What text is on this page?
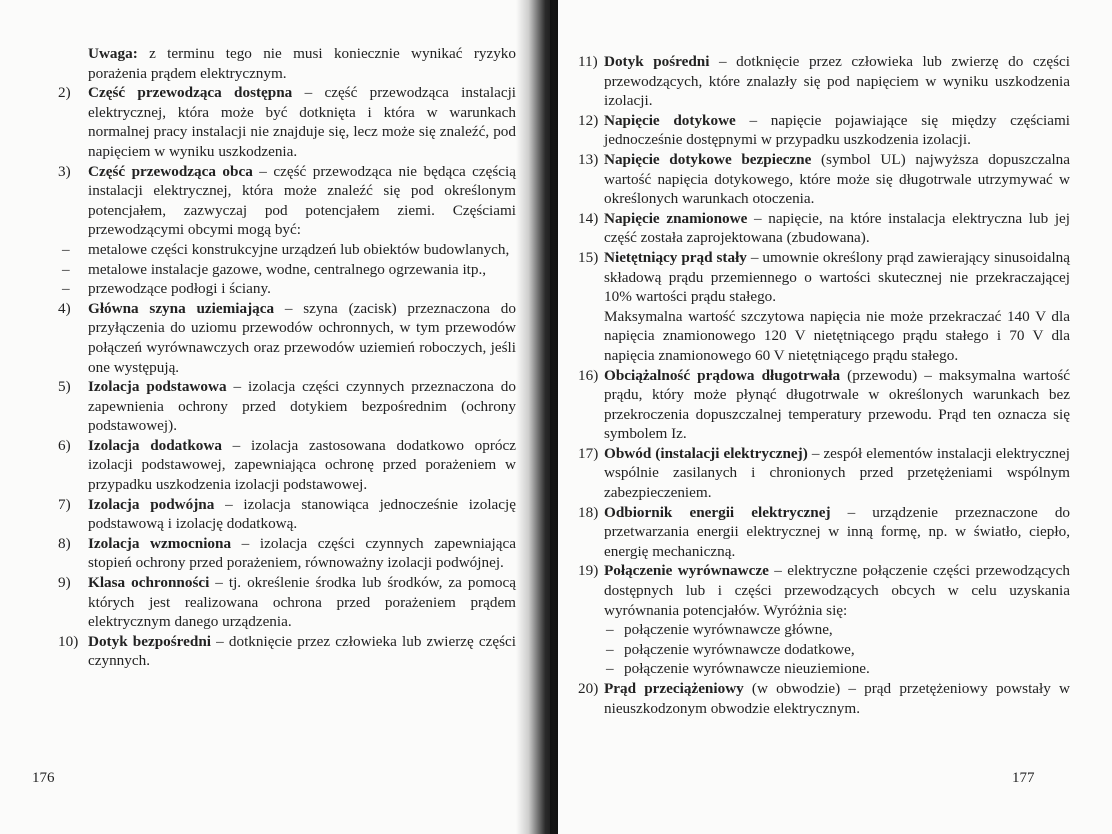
Uwaga: z terminu tego nie musi koniecznie wynikać ryzyko porażenia prądem elektrycznym.
2) Część przewodząca dostępna – część przewodząca instalacji elektrycznej, która może być dotknięta i która w warunkach normalnej pracy instalacji nie znajduje się, lecz może się znaleźć, pod napięciem w wyniku uszkodzenia.
3) Część przewodząca obca – część przewodząca nie będąca częścią instalacji elektrycznej, która może znaleźć się pod określonym potencjałem, zazwyczaj pod potencjałem ziemi. Częściami przewodzącymi obcymi mogą być:
– metalowe części konstrukcyjne urządzeń lub obiektów budowlanych,
– metalowe instalacje gazowe, wodne, centralnego ogrzewania itp.,
– przewodzące podłogi i ściany.
4) Główna szyna uziemiająca – szyna (zacisk) przeznaczona do przyłączenia do uziomu przewodów ochronnych, w tym przewodów połączeń wyrównawczych oraz przewodów uziemień roboczych, jeśli one występują.
5) Izolacja podstawowa – izolacja części czynnych przeznaczona do zapewnienia ochrony przed dotykiem bezpośrednim (ochrony podstawowej).
6) Izolacja dodatkowa – izolacja zastosowana dodatkowo oprócz izolacji podstawowej, zapewniająca ochronę przed porażeniem w przypadku uszkodzenia izolacji podstawowej.
7) Izolacja podwójna – izolacja stanowiąca jednocześnie izolację podstawową i izolację dodatkową.
8) Izolacja wzmocniona – izolacja części czynnych zapewniająca stopień ochrony przed porażeniem, równoważny izolacji podwójnej.
9) Klasa ochronności – tj. określenie środka lub środków, za pomocą których jest realizowana ochrona przed porażeniem prądem elektrycznym danego urządzenia.
10) Dotyk bezpośredni – dotknięcie przez człowieka lub zwierzę części czynnych.
176
11) Dotyk pośredni – dotknięcie przez człowieka lub zwierzę do części przewodzących, które znalazły się pod napięciem w wyniku uszkodzenia izolacji.
12) Napięcie dotykowe – napięcie pojawiające się między częściami jednocześnie dostępnymi w przypadku uszkodzenia izolacji.
13) Napięcie dotykowe bezpieczne (symbol UL) najwyższa dopuszczalna wartość napięcia dotykowego, które może się długotrwale utrzymywać w określonych warunkach otoczenia.
14) Napięcie znamionowe – napięcie, na które instalacja elektryczna lub jej część została zaprojektowana (zbudowana).
15) Nietętniący prąd stały – umownie określony prąd zawierający sinusoidalną składową prądu przemiennego o wartości skutecznej nie przekraczającej 10% wartości prądu stałego.
Maksymalna wartość szczytowa napięcia nie może przekraczać 140 V dla napięcia znamionowego 120 V nietętniącego prądu stałego i 70 V dla napięcia znamionowego 60 V nietętniącego prądu stałego.
16) Obciążalność prądowa długotrwała (przewodu) – maksymalna wartość prądu, który może płynąć długotrwale w określonych warunkach bez przekroczenia dopuszczalnej temperatury przewodu. Prąd ten oznacza się symbolem Iz.
17) Obwód (instalacji elektrycznej) – zespół elementów instalacji elektrycznej wspólnie zasilanych i chronionych przed przetężeniami wspólnym zabezpieczeniem.
18) Odbiornik energii elektrycznej – urządzenie przeznaczone do przetwarzania energii elektrycznej w inną formę, np. w światło, ciepło, energię mechaniczną.
19) Połączenie wyrównawcze – elektryczne połączenie części przewodzących dostępnych lub i części przewodzących obcych w celu uzyskania wyrównania potencjałów. Wyróżnia się:
– połączenie wyrównawcze główne,
– połączenie wyrównawcze dodatkowe,
– połączenie wyrównawcze nieuziemione.
20) Prąd przeciążeniowy (w obwodzie) – prąd przetężeniowy powstały w nieuszkodzonym obwodzie elektrycznym.
177
